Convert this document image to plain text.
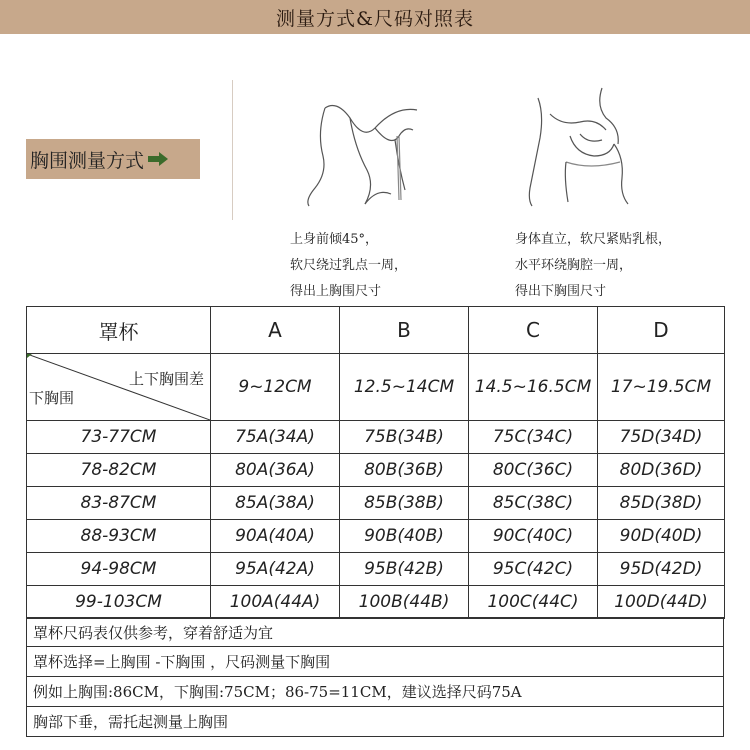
测量方式&尺码对照表
胸围测量方式
上身前倾45°，
软尺绕过乳点一周，
得出上胸围尺寸
身体直立，软尺紧贴乳根，
水平环绕胸腔一周，
得出下胸围尺寸
罩杯	A	B	C	D

上下胸围差
下胸围	9~12CM	12.5~14CM	14.5~16.5CM	17~19.5CM
73-77CM	75A(34A)	75B(34B)	75C(34C)	75D(34D)
78-82CM	80A(36A)	80B(36B)	80C(36C)	80D(36D)
83-87CM	85A(38A)	85B(38B)	85C(38C)	85D(38D)
88-93CM	90A(40A)	90B(40B)	90C(40C)	90D(40D)
94-98CM	95A(42A)	95B(42B)	95C(42C)	95D(42D)
99-103CM	100A(44A)	100B(44B)	100C(44C)	100D(44D)
罩杯尺码表仅供参考，穿着舒适为宜
罩杯选择=上胸围 -下胸围 ，尺码测量下胸围
例如上胸围:86CM，下胸围:75CM；86-75=11CM，建议选择尺码75A
胸部下垂，需托起测量上胸围
